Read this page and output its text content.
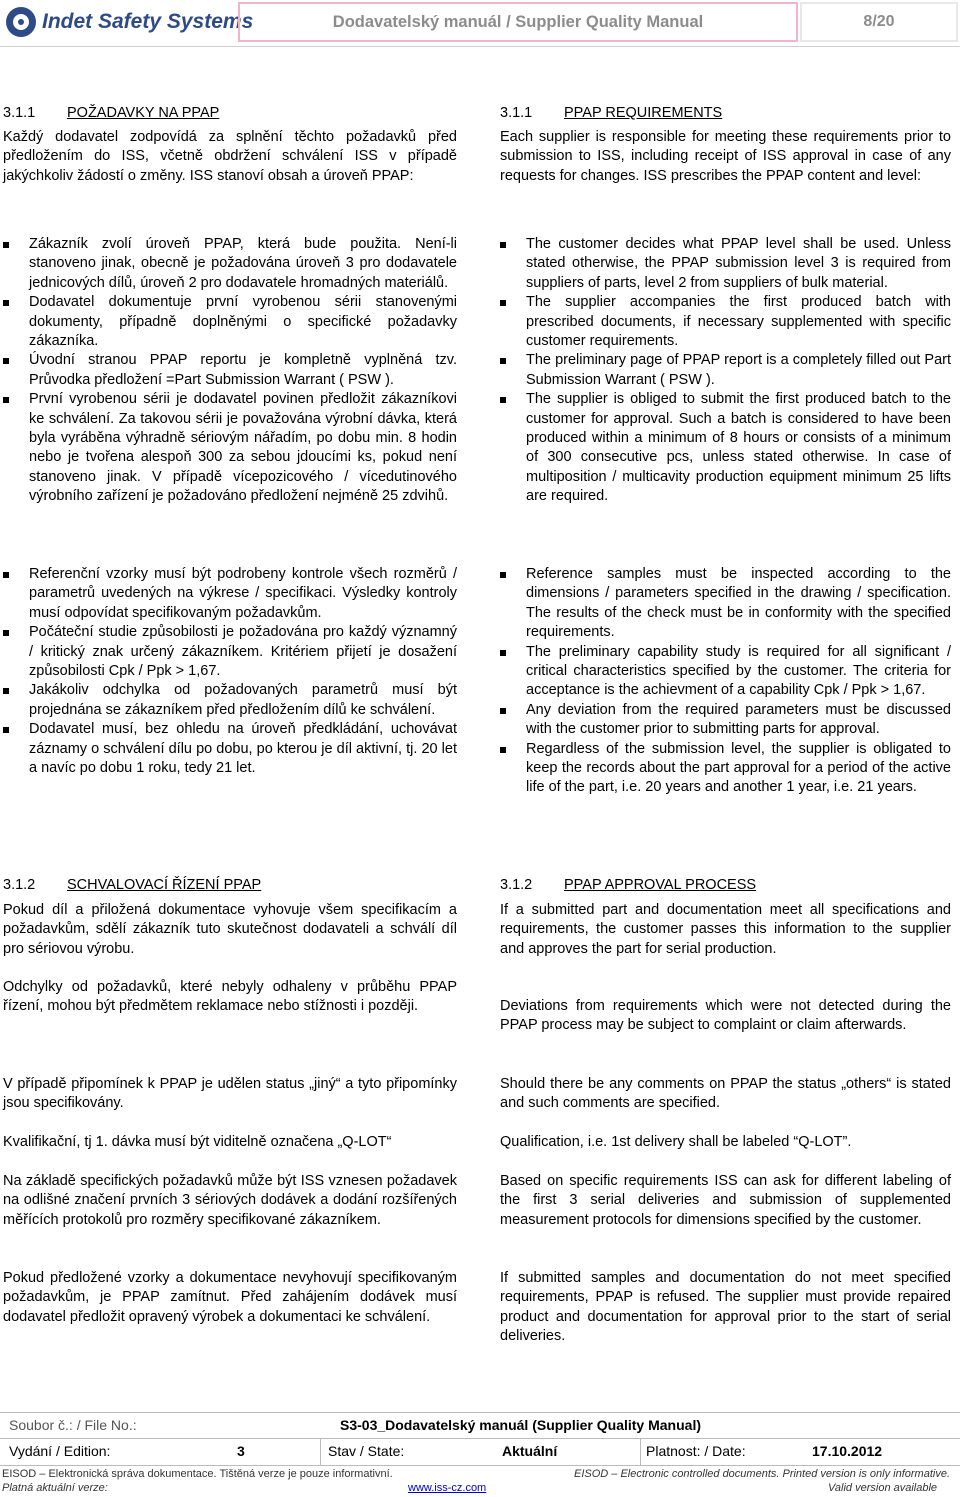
Indet Safety Systems	Dodavatelský manuál / Supplier Quality Manual	8/20
3.1.1	POŽADAVKY NA PPAP

Každý dodavatel zodpovídá za splnění těchto požadavků před předložením do ISS, včetně obdržení schválení ISS v případě jakýchkoliv žádostí o změny. ISS stanoví obsah a úroveň PPAP:

Zákazník zvolí úroveň PPAP, která bude použita. Není-li stanoveno jinak, obecně je požadována úroveň 3 pro dodavatele jednicových dílů, úroveň 2 pro dodavatele hromadných materiálů.
Dodavatel dokumentuje první vyrobenou sérii stanovenými dokumenty, případně doplněnými o specifické požadavky zákazníka.
Úvodní stranou PPAP reportu je kompletně vyplněná tzv. Průvodka předložení =Part Submission Warrant ( PSW ).
První vyrobenou sérii je dodavatel povinen předložit zákazníkovi ke schválení. Za takovou sérii je považována výrobní dávka, která byla vyráběna výhradně sériovým nářadím, po dobu min. 8 hodin nebo je tvořena alespoň 300 za sebou jdoucími ks, pokud není stanoveno jinak. V případě vícepozicového / vícedutinového výrobního zařízení je požadováno předložení nejméně 25 zdvihů.
Referenční vzorky musí být podrobeny kontrole všech rozměrů / parametrů uvedených na výkrese / specifikaci. Výsledky kontroly musí odpovídat specifikovaným požadavkům.
Počáteční studie způsobilosti je požadována pro každý významný / kritický znak určený zákazníkem. Kritériem přijetí je dosažení způsobilosti Cpk / Ppk > 1,67.
Jakákoliv odchylka od požadovaných parametrů musí být projednána se zákazníkem před předložením dílů ke schválení.
Dodavatel musí, bez ohledu na úroveň předkládání, uchovávat záznamy o schválení dílu po dobu, po kterou je díl aktivní, tj. 20 let a navíc po dobu 1 roku, tedy 21 let.
3.1.2	SCHVALOVACÍ ŘÍZENÍ PPAP

Pokud díl a přiložená dokumentace vyhovuje všem specifikacím a požadavkům, sdělí zákazník tuto skutečnost dodavateli a schválí díl pro sériovou výrobu.

Odchylky od požadavků, které nebyly odhaleny v průběhu PPAP řízení, mohou být předmětem reklamace nebo stížnosti i později.

V případě připomínek k PPAP je udělen status „jiný“ a tyto připomínky jsou specifikovány.

Kvalifikační, tj 1. dávka musí být viditelně označena „Q-LOT“

Na základě specifických požadavků může být ISS vznesen požadavek na odlišné značení prvních 3 sériových dodávek a dodání rozšířených měřících protokolů pro rozměry specifikované zákazníkem.

Pokud předložené vzorky a dokumentace nevyhovují specifikovaným požadavkům, je PPAP zamítnut. Před zahájením dodávek musí dodavatel předložit opravený výrobek a dokumentaci ke schválení.

3.1.1	PPAP REQUIREMENTS

Each supplier is responsible for meeting these requirements prior to submission to ISS, including receipt of ISS approval in case of any requests for changes. ISS prescribes the PPAP content and level:

The customer decides what PPAP level shall be used. Unless stated otherwise, the PPAP submission level 3 is required from suppliers of parts, level 2 from suppliers of bulk material.
The supplier accompanies the first produced batch with prescribed documents, if necessary supplemented with specific customer requirements.
The preliminary page of PPAP report is a completely filled out Part Submission Warrant ( PSW ).
The supplier is obliged to submit the first produced batch to the customer for approval. Such a batch is considered to have been produced within a minimum of 8 hours or consists of a minimum of 300 consecutive pcs, unless stated otherwise. In case of multiposition / multicavity production equipment minimum 25 lifts are required.
Reference samples must be inspected according to the dimensions / parameters specified in the drawing / specification. The results of the check must be in conformity with the specified requirements.
The preliminary capability study is required for all significant / critical characteristics specified by the customer. The criteria for acceptance is the achievment of a capability Cpk / Ppk > 1,67.
Any deviation from the required parameters must be discussed with the customer prior to submitting parts for approval.
Regardless of the submission level, the supplier is obligated to keep the records about the part approval for a period of the active life of the part, i.e. 20 years and another 1 year, i.e. 21 years.
3.1.2	PPAP APPROVAL PROCESS

If a submitted part and documentation meet all specifications and requirements, the customer passes this information to the supplier and approves the part for serial production.

Deviations from requirements which were not detected during the PPAP process may be subject to complaint or claim afterwards.

Should there be any comments on PPAP the status „others“ is stated and such comments are specified.

Qualification, i.e. 1st delivery shall be labeled “Q-LOT”.

Based on specific requirements ISS can ask for different labeling of the first 3 serial deliveries and submission of supplemented measurement protocols for dimensions specified by the customer.

If submitted samples and documentation do not meet specified requirements, PPAP is refused. The supplier must provide repaired product and documentation for approval prior to the start of serial deliveries.

Soubor č.: / File No.:	S3-03_Dodavatelský manuál (Supplier Quality Manual)
Vydání / Edition:	3	Stav / State:	Aktuální	Platnost: / Date:	17.10.2012
EISOD – Elektronická správa dokumentace. Tištěná verze je pouze informativní.	EISOD – Electronic controlled documents. Printed version is only informative.
Platná aktuální verze:	www.iss-cz.com	Valid version available
